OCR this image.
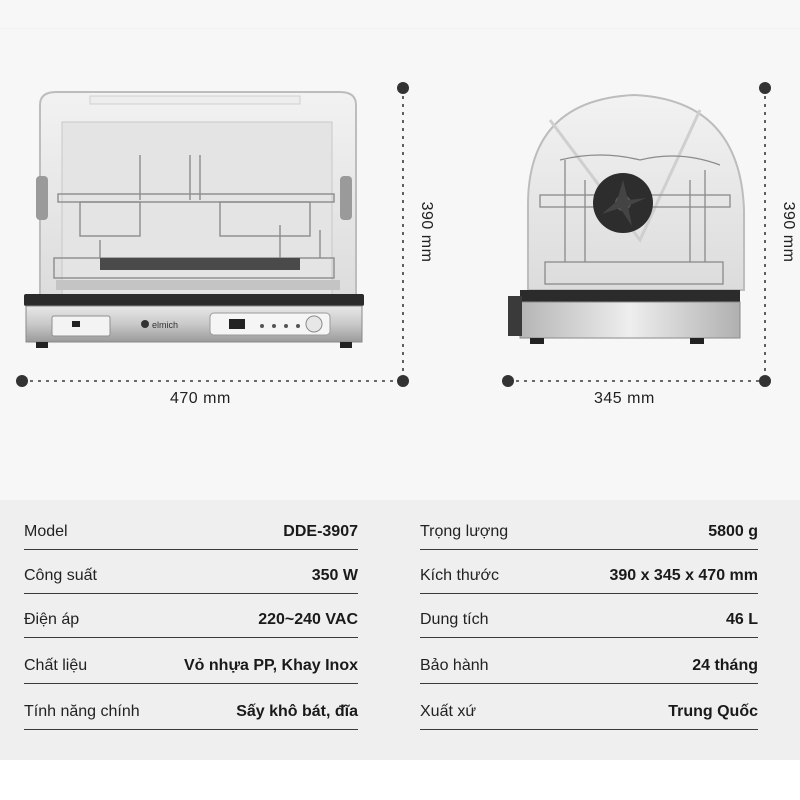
elmich
470 mm
390 mm
345 mm
390 mm
Model	DDE-3907
Công suất	350 W
Điện áp	220~240 VAC
Chất liệu	Vỏ nhựa PP, Khay Inox
Tính năng chính	Sấy khô bát, đĩa
Trọng lượng	5800 g
Kích thước	390 x 345 x 470 mm
Dung tích	46 L
Bảo hành	24 tháng
Xuất xứ	Trung Quốc
